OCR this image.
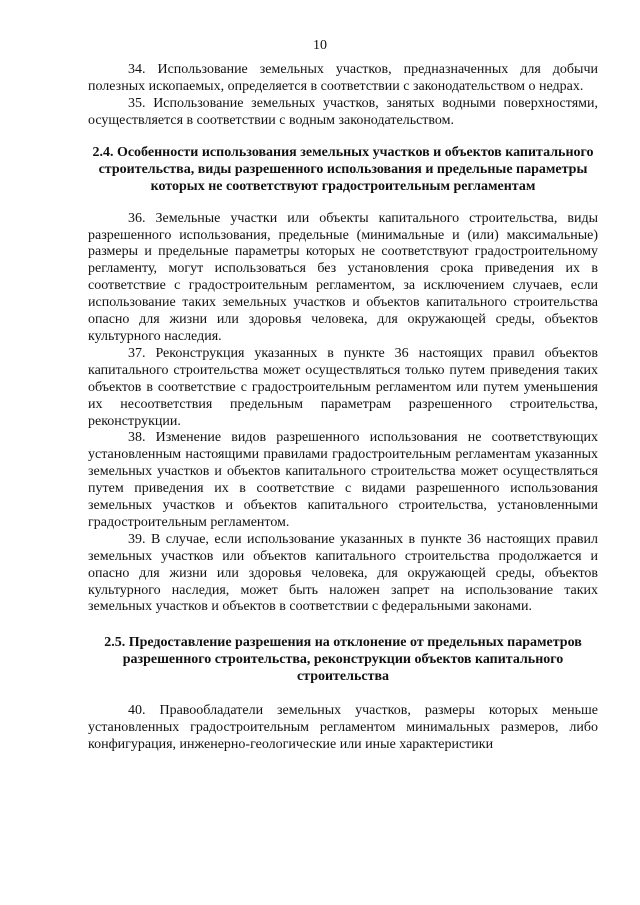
10

34. Использование земельных участков, предназначенных для добычи полезных ископаемых, определяется в соответствии с законодательством о недрах.

35. Использование земельных участков, занятых водными поверхностями, осуществляется в соответствии с водным законодательством.

2.4. Особенности использования земельных участков и объектов капитального строительства, виды разрешенного использования и предельные параметры которых не соответствуют градостроительным регламентам

36. Земельные участки или объекты капитального строительства, виды разрешенного использования, предельные (минимальные и (или) максимальные) размеры и предельные параметры которых не соответствуют градостроительному регламенту, могут использоваться без установления срока приведения их в соответствие с градостроительным регламентом, за исключением случаев, если использование таких земельных участков и объектов капитального строительства опасно для жизни или здоровья человека, для окружающей среды, объектов культурного наследия.

37. Реконструкция указанных в пункте 36 настоящих правил объектов капитального строительства может осуществляться только путем приведения таких объектов в соответствие с градостроительным регламентом или путем уменьшения их несоответствия предельным параметрам разрешенного строительства, реконструкции.

38. Изменение видов разрешенного использования не соответствующих установленным настоящими правилами градостроительным регламентам указанных земельных участков и объектов капитального строительства может осуществляться путем приведения их в соответствие с видами разрешенного использования земельных участков и объектов капитального строительства, установленными градостроительным регламентом.

39. В случае, если использование указанных в пункте 36 настоящих правил земельных участков или объектов капитального строительства продолжается и опасно для жизни или здоровья человека, для окружающей среды, объектов культурного наследия, может быть наложен запрет на использование таких земельных участков и объектов в соответствии с федеральными законами.

2.5. Предоставление разрешения на отклонение от предельных параметров разрешенного строительства, реконструкции объектов капитального строительства

40. Правообладатели земельных участков, размеры которых меньше установленных градостроительным регламентом минимальных размеров, либо конфигурация, инженерно-геологические или иные характеристики
